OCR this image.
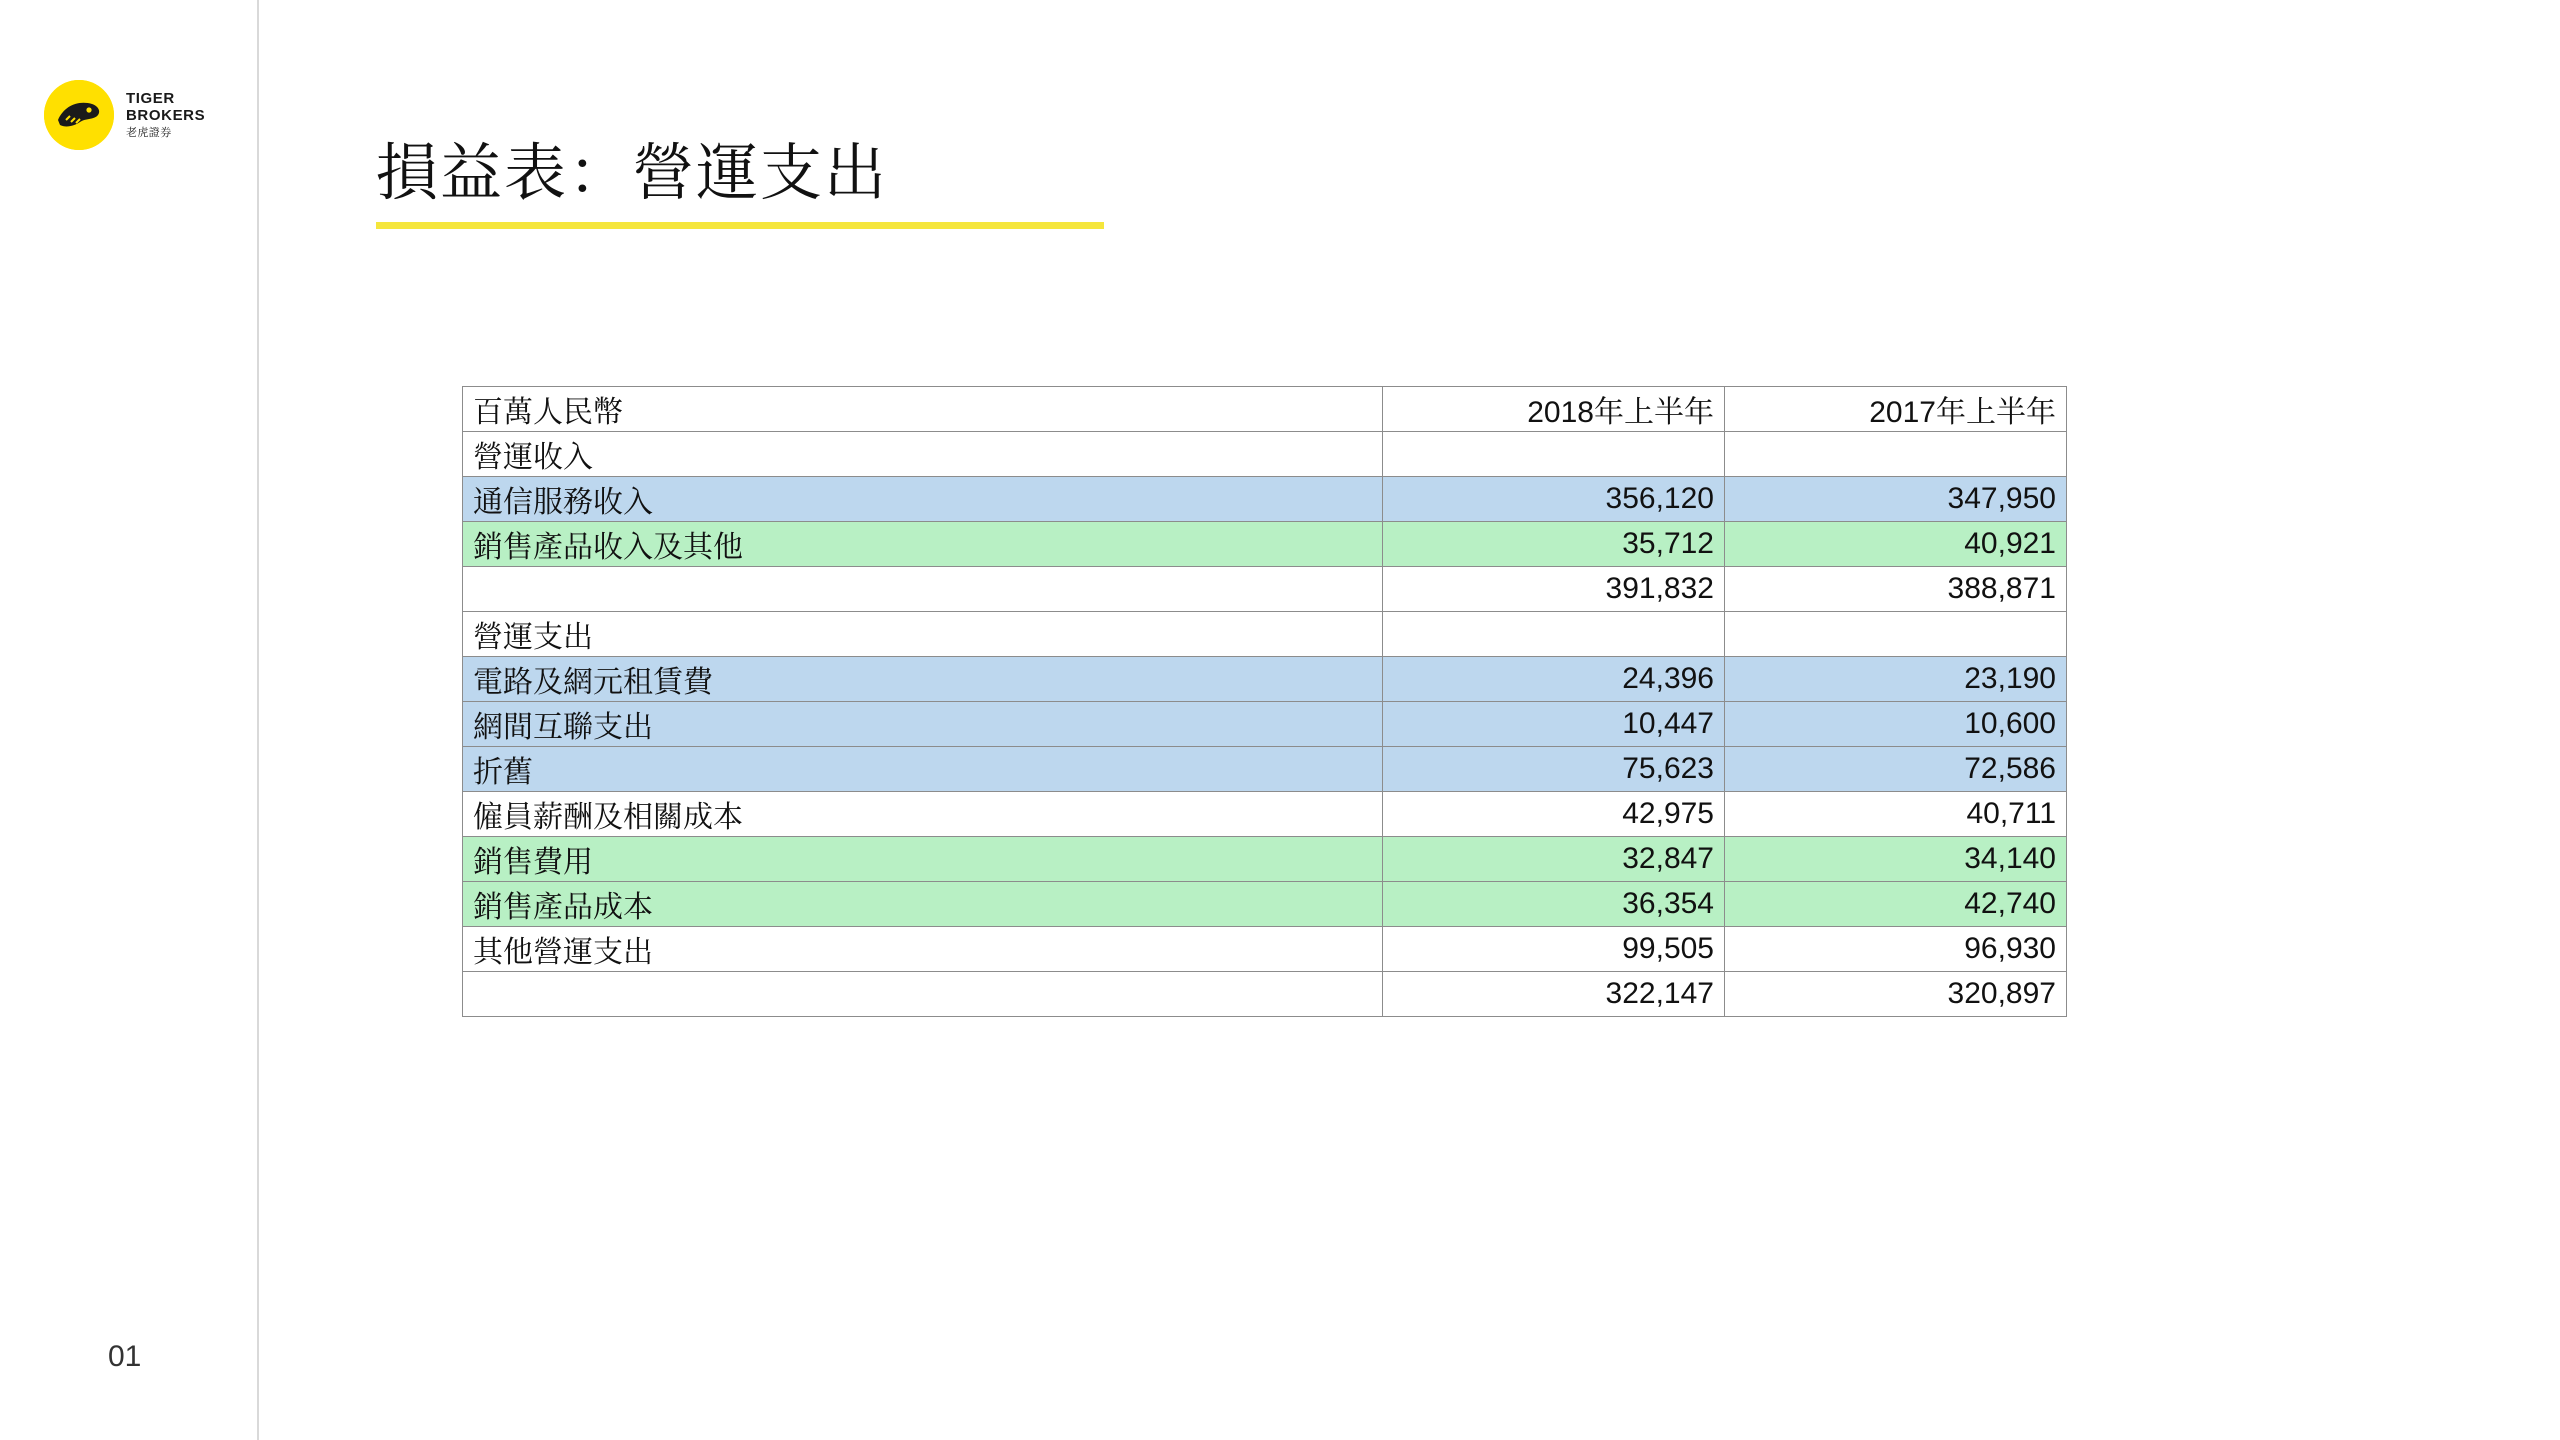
TIGER
BROKERS
老虎證券
損益表：營運支出
百萬人民幣	2018年上半年	2017年上半年
營運收入		
通信服務收入	356,120	347,950
銷售產品收入及其他	35,712	40,921
	391,832	388,871
營運支出		
電路及網元租賃費	24,396	23,190
網間互聯支出	10,447	10,600
折舊	75,623	72,586
僱員薪酬及相關成本	42,975	40,711
銷售費用	32,847	34,140
銷售產品成本	36,354	42,740
其他營運支出	99,505	96,930
	322,147	320,897
01
